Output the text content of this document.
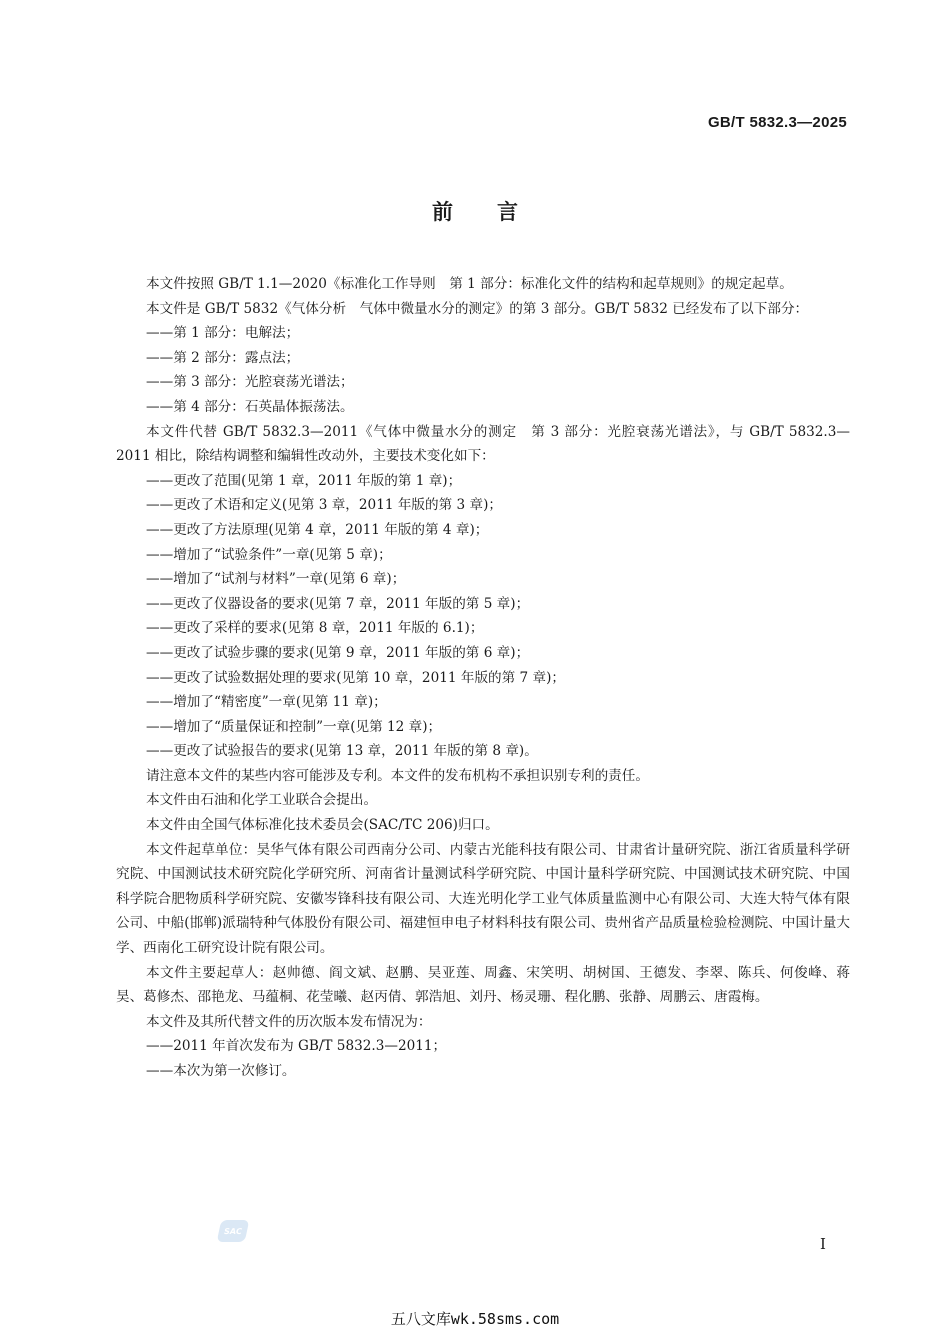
GB/T 5832.3—2025
前言

本文件按照 GB/T 1.1—2020《标准化工作导则　第 1 部分：标准化文件的结构和起草规则》的规定起草。

本文件是 GB/T 5832《气体分析　气体中微量水分的测定》的第 3 部分。GB/T 5832 已经发布了以下部分：

——第 1 部分：电解法；

——第 2 部分：露点法；

——第 3 部分：光腔衰荡光谱法；

——第 4 部分：石英晶体振荡法。

本文件代替 GB/T 5832.3—2011《气体中微量水分的测定　第 3 部分：光腔衰荡光谱法》，与 GB/T 5832.3—2011 相比，除结构调整和编辑性改动外，主要技术变化如下：

——更改了范围(见第 1 章，2011 年版的第 1 章)；

——更改了术语和定义(见第 3 章，2011 年版的第 3 章)；

——更改了方法原理(见第 4 章，2011 年版的第 4 章)；

——增加了“试验条件”一章(见第 5 章)；

——增加了“试剂与材料”一章(见第 6 章)；

——更改了仪器设备的要求(见第 7 章，2011 年版的第 5 章)；

——更改了采样的要求(见第 8 章，2011 年版的 6.1)；

——更改了试验步骤的要求(见第 9 章，2011 年版的第 6 章)；

——更改了试验数据处理的要求(见第 10 章，2011 年版的第 7 章)；

——增加了“精密度”一章(见第 11 章)；

——增加了“质量保证和控制”一章(见第 12 章)；

——更改了试验报告的要求(见第 13 章，2011 年版的第 8 章)。

请注意本文件的某些内容可能涉及专利。本文件的发布机构不承担识别专利的责任。

本文件由石油和化学工业联合会提出。

本文件由全国气体标准化技术委员会(SAC/TC 206)归口。

本文件起草单位：昊华气体有限公司西南分公司、内蒙古光能科技有限公司、甘肃省计量研究院、浙江省质量科学研究院、中国测试技术研究院化学研究所、河南省计量测试科学研究院、中国计量科学研究院、中国测试技术研究院、中国科学院合肥物质科学研究院、安徽岑锋科技有限公司、大连光明化学工业气体质量监测中心有限公司、大连大特气体有限公司、中船(邯郸)派瑞特种气体股份有限公司、福建恒申电子材料科技有限公司、贵州省产品质量检验检测院、中国计量大学、西南化工研究设计院有限公司。

本文件主要起草人：赵帅德、阎文斌、赵鹏、吴亚莲、周鑫、宋笑明、胡树国、王德发、李翠、陈兵、何俊峰、蒋昊、葛修杰、邵艳龙、马蕴桐、花莹曦、赵丙倩、郭浩旭、刘丹、杨灵珊、程化鹏、张静、周鹏云、唐霞梅。

本文件及其所代替文件的历次版本发布情况为：

——2011 年首次发布为 GB/T 5832.3—2011；

——本次为第一次修订。

SAC
I
五八文库wk.58sms.com
